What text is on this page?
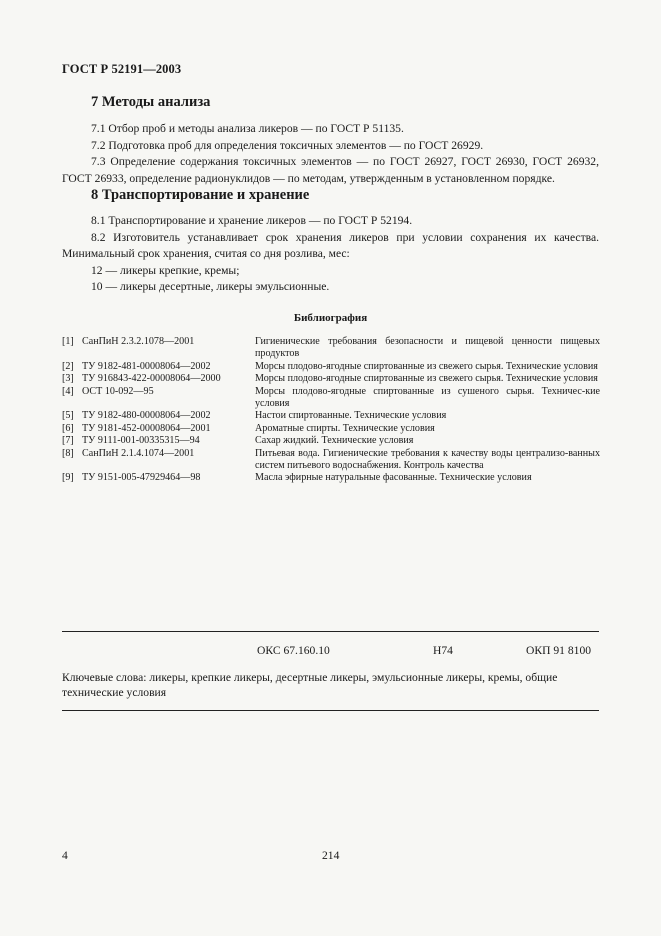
ГОСТ Р 52191—2003
7 Методы анализа

7.1 Отбор проб и методы анализа ликеров — по ГОСТ Р 51135.

7.2 Подготовка проб для определения токсичных элементов — по ГОСТ 26929.

7.3 Определение содержания токсичных элементов — по ГОСТ 26927, ГОСТ 26930, ГОСТ 26932, ГОСТ 26933, определение радионуклидов — по методам, утвержденным в установленном порядке.

8 Транспортирование и хранение

8.1 Транспортирование и хранение ликеров — по ГОСТ Р 52194.

8.2 Изготовитель устанавливает срок хранения ликеров при условии сохранения их качества. Минимальный срок хранения, считая со дня розлива, мес:

12 — ликеры крепкие, кремы;

10 — ликеры десертные, ликеры эмульсионные.

Библиография
[1] СанПиН 2.3.2.1078—2001	Гигиенические требования безопасности и пищевой ценности пищевых продуктов
[2] ТУ 9182-481-00008064—2002	Морсы плодово-ягодные спиртованные из свежего сырья. Технические условия
[3] ТУ 916843-422-00008064—2000	Морсы плодово-ягодные спиртованные из свежего сырья. Технические условия
[4] ОСТ 10-092—95	Морсы плодово-ягодные спиртованные из сушеного сырья. Техничес-кие условия
[5] ТУ 9182-480-00008064—2002	Настои спиртованные. Технические условия
[6] ТУ 9181-452-00008064—2001	Ароматные спирты. Технические условия
[7] ТУ 9111-001-00335315—94	Сахар жидкий. Технические условия
[8] СанПиН 2.1.4.1074—2001	Питьевая вода. Гигиенические требования к качеству воды централизо-ванных систем питьевого водоснабжения. Контроль качества
[9] ТУ 9151-005-47929464—98	Масла эфирные натуральные фасованные. Технические условия
ОКС 67.160.10	Н74	ОКП 91 8100
Ключевые слова: ликеры, крепкие ликеры, десертные ликеры, эмульсионные ликеры, кремы, общие технические условия
4	214
